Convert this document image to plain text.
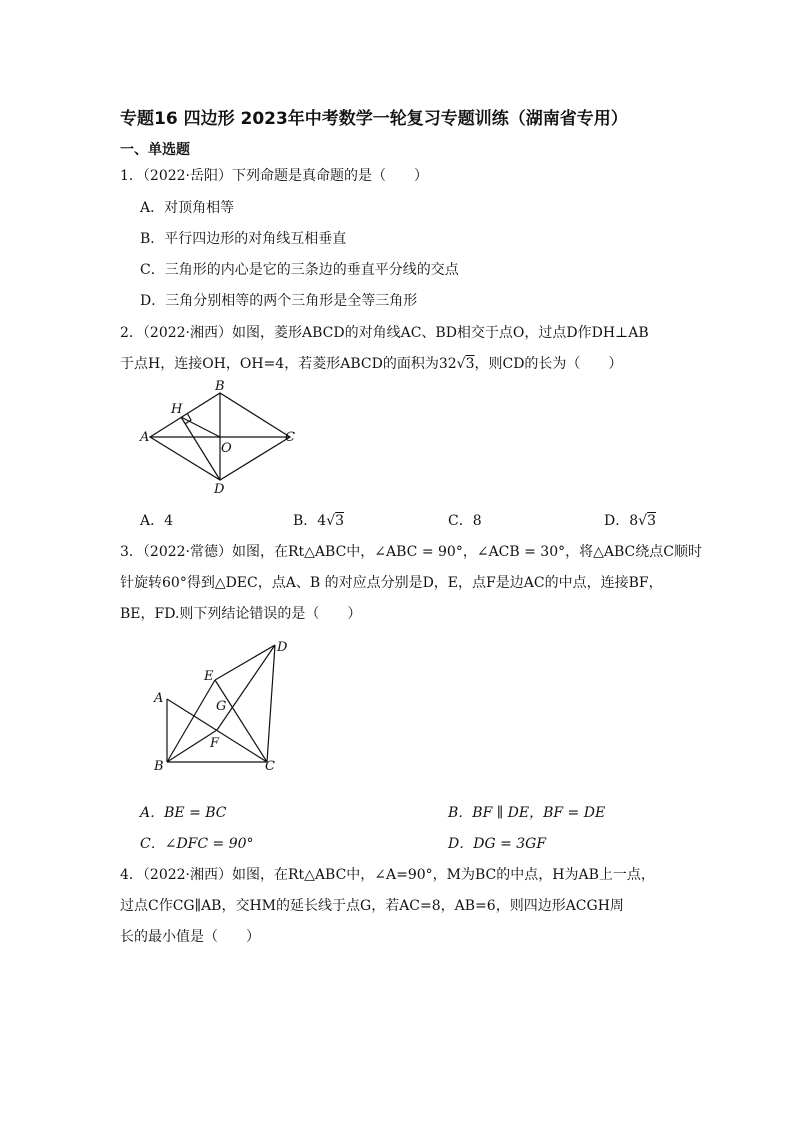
专题16 四边形 2023年中考数学一轮复习专题训练（湖南省专用）
一、单选题
1．（2022·岳阳）下列命题是真命题的是（　　）
A．对顶角相等
B．平行四边形的对角线互相垂直
C．三角形的内心是它的三条边的垂直平分线的交点
D．三角分别相等的两个三角形是全等三角形
2．（2022·湘西）如图，菱形ABCD的对角线AC、BD相交于点O，过点D作DH⊥AB
于点H，连接OH，OH=4，若菱形ABCD的面积为32√3，则CD的长为（　　）
A
B
C
D
H
O
A．4	B．4√3	C．8	D．8√3
3．（2022·常德）如图，在Rt△ABC中，∠ABC = 90°，∠ACB = 30°，将△ABC绕点C顺时
针旋转60°得到△DEC，点A、B 的对应点分别是D，E，点F是边AC的中点，连接BF，
BE，FD.则下列结论错误的是（　　）
A
B	C
D
E
F
G
A．BE = BC	B．BF ∥ DE，BF = DE
C．∠DFC = 90°	D．DG = 3GF
4．（2022·湘西）如图，在Rt△ABC中，∠A=90°，M为BC的中点，H为AB上一点，
过点C作CG∥AB，交HM的延长线于点G，若AC=8，AB=6，则四边形ACGH周
长的最小值是（　　）
